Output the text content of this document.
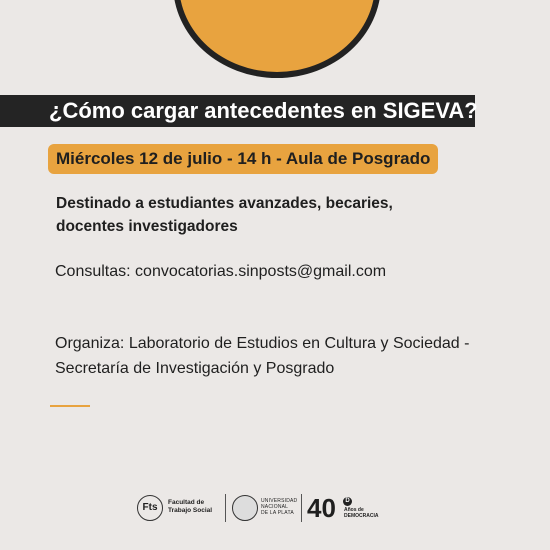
¿Cómo cargar antecedentes en SIGEVA?
Miércoles 12 de julio - 14 h - Aula de Posgrado
Destinado a estudiantes avanzades, becaries,
docentes investigadores
Consultas: convocatorias.sinposts@gmail.com
Organiza: Laboratorio de Estudios en Cultura y Sociedad -
Secretaría de Investigación y Posgrado
Fts	Facultad de
Trabajo Social
UNIVERSIDAD
NACIONAL
DE LA PLATA 40	D
Años de
DEMOCRACIA
